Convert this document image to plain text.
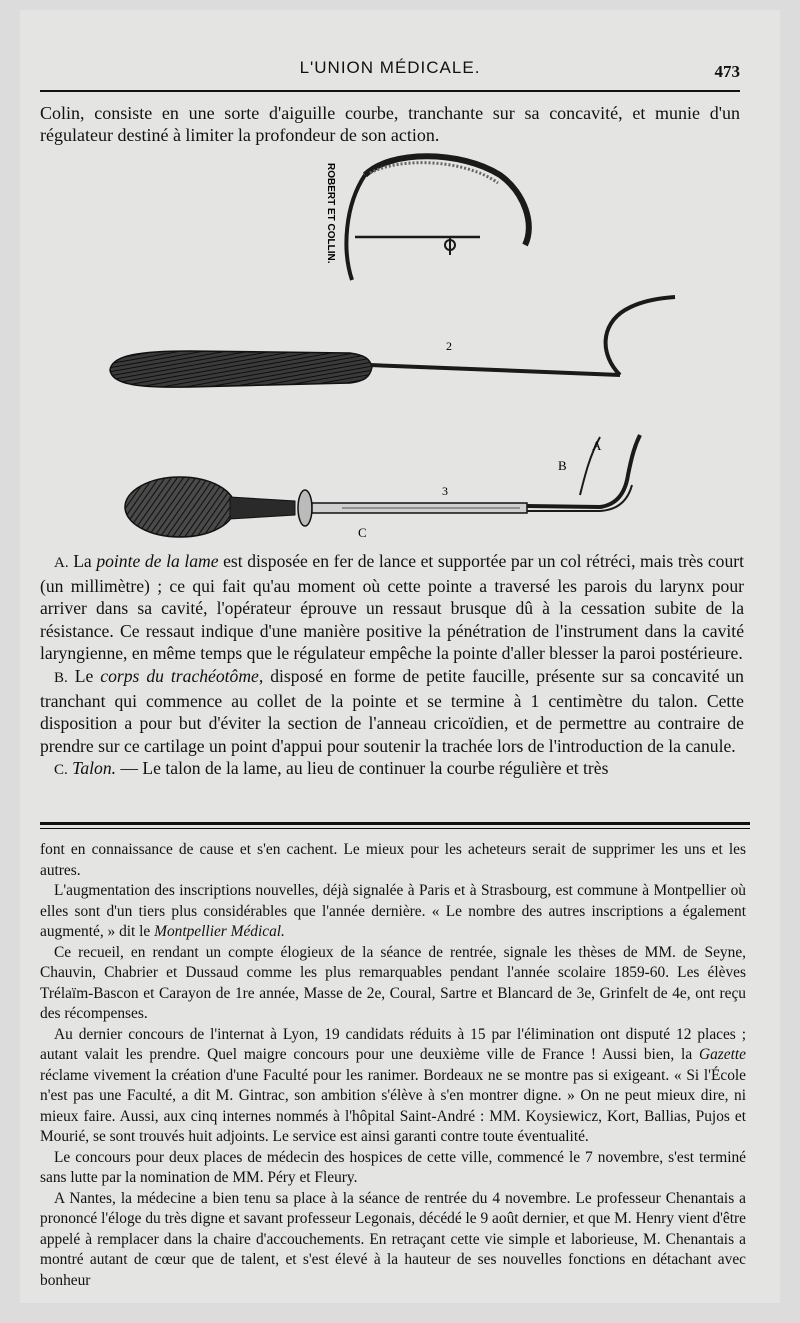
L'UNION MÉDICALE.	473

Colin, consiste en une sorte d'aiguille courbe, tranchante sur sa concavité, et munie d'un régulateur destiné à limiter la profondeur de son action.

ROBERT ET COLLIN.
2
3
A
B
C

A. La pointe de la lame est disposée en fer de lance et supportée par un col rétréci, mais très court (un millimètre) ; ce qui fait qu'au moment où cette pointe a traversé les parois du larynx pour arriver dans sa cavité, l'opérateur éprouve un ressaut brusque dû à la cessation subite de la résistance. Ce ressaut indique d'une manière positive la pénétration de l'instrument dans la cavité laryngienne, en même temps que le régulateur empêche la pointe d'aller blesser la paroi postérieure.

B. Le corps du trachéotôme, disposé en forme de petite faucille, présente sur sa concavité un tranchant qui commence au collet de la pointe et se termine à 1 centimètre du talon. Cette disposition a pour but d'éviter la section de l'anneau cricoïdien, et de permettre au contraire de prendre sur ce cartilage un point d'appui pour soutenir la trachée lors de l'introduction de la canule.

C. Talon. — Le talon de la lame, au lieu de continuer la courbe régulière et très

font en connaissance de cause et s'en cachent. Le mieux pour les acheteurs serait de supprimer les uns et les autres.

L'augmentation des inscriptions nouvelles, déjà signalée à Paris et à Strasbourg, est commune à Montpellier où elles sont d'un tiers plus considérables que l'année dernière. « Le nombre des autres inscriptions a également augmenté, » dit le Montpellier Médical.

Ce recueil, en rendant un compte élogieux de la séance de rentrée, signale les thèses de MM. de Seyne, Chauvin, Chabrier et Dussaud comme les plus remarquables pendant l'année scolaire 1859-60. Les élèves Trélaïm-Bascon et Carayon de 1re année, Masse de 2e, Coural, Sartre et Blancard de 3e, Grinfelt de 4e, ont reçu des récompenses.

Au dernier concours de l'internat à Lyon, 19 candidats réduits à 15 par l'élimination ont disputé 12 places ; autant valait les prendre. Quel maigre concours pour une deuxième ville de France ! Aussi bien, la Gazette réclame vivement la création d'une Faculté pour les ranimer. Bordeaux ne se montre pas si exigeant. « Si l'École n'est pas une Faculté, a dit M. Gintrac, son ambition s'élève à s'en montrer digne. » On ne peut mieux dire, ni mieux faire. Aussi, aux cinq internes nommés à l'hôpital Saint-André : MM. Koysiewicz, Kort, Ballias, Pujos et Mourié, se sont trouvés huit adjoints. Le service est ainsi garanti contre toute éventualité.

Le concours pour deux places de médecin des hospices de cette ville, commencé le 7 novembre, s'est terminé sans lutte par la nomination de MM. Péry et Fleury.

A Nantes, la médecine a bien tenu sa place à la séance de rentrée du 4 novembre. Le professeur Chenantais a prononcé l'éloge du très digne et savant professeur Legonais, décédé le 9 août dernier, et que M. Henry vient d'être appelé à remplacer dans la chaire d'accouchements. En retraçant cette vie simple et laborieuse, M. Chenantais a montré autant de cœur que de talent, et s'est élevé à la hauteur de ses nouvelles fonctions en détachant avec bonheur
